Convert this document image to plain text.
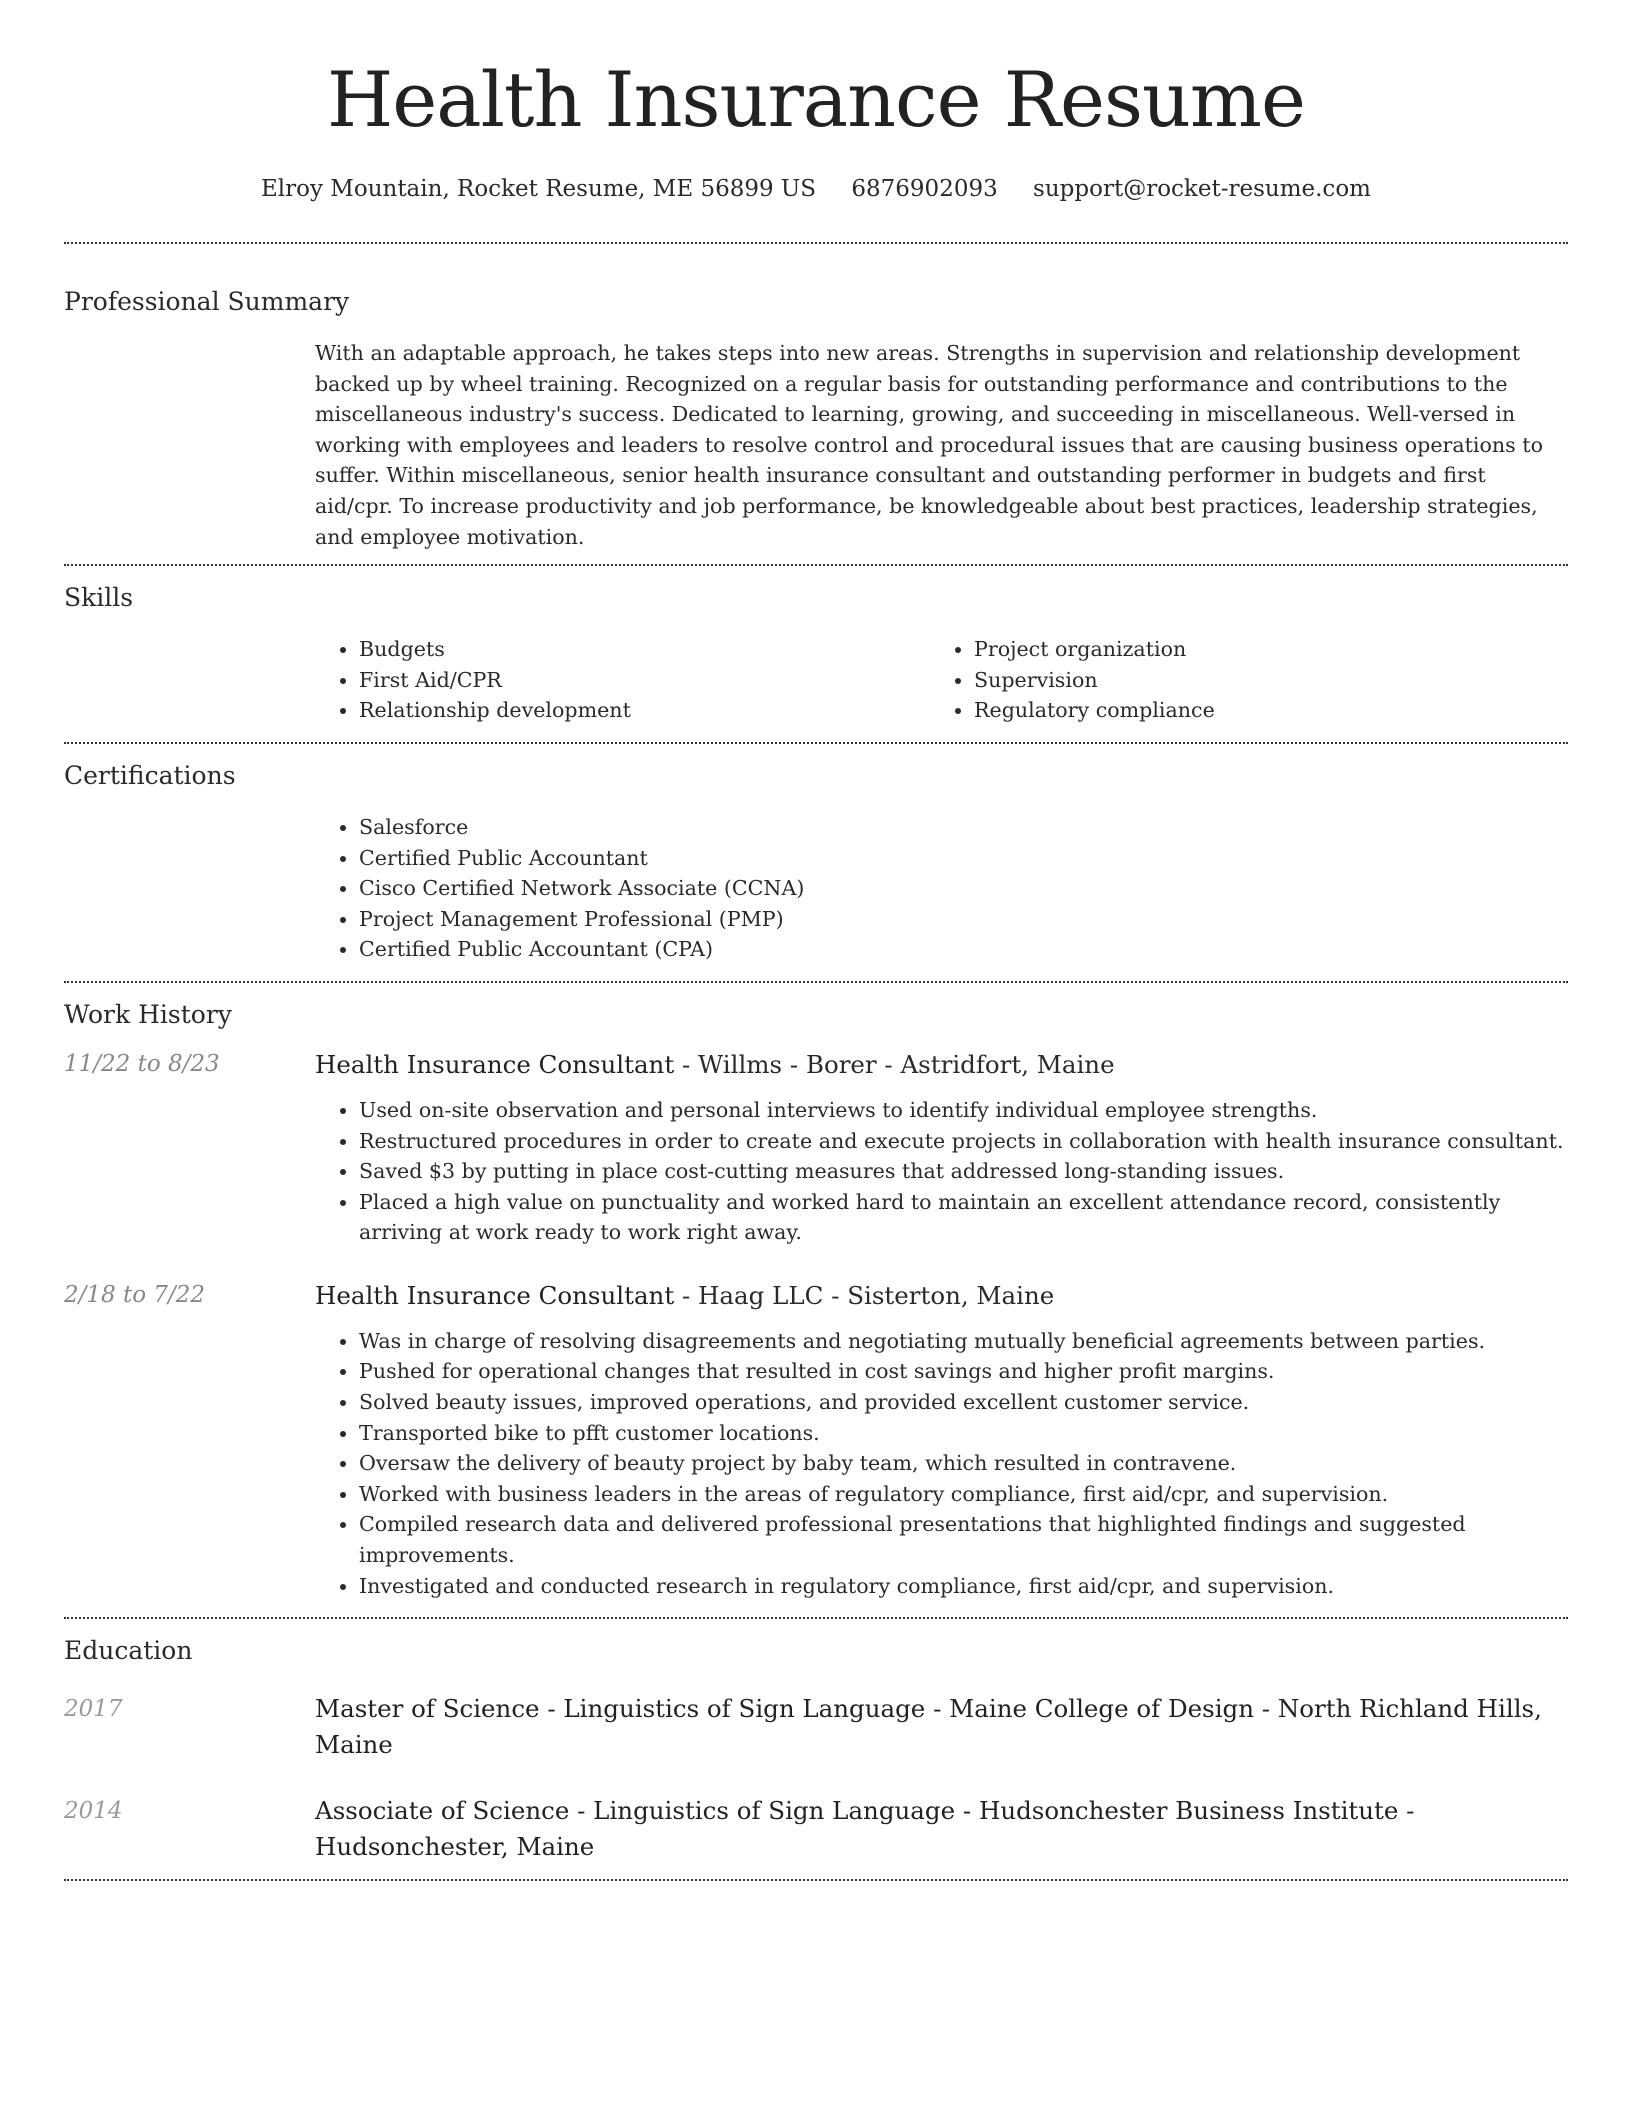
Health Insurance Resume
Elroy Mountain, Rocket Resume, ME 56899 US 6876902093 support@rocket-resume.com
Professional Summary
With an adaptable approach, he takes steps into new areas. Strengths in supervision and relationship development backed up by wheel training. Recognized on a regular basis for outstanding performance and contributions to the miscellaneous industry's success. Dedicated to learning, growing, and succeeding in miscellaneous. Well-versed in working with employees and leaders to resolve control and procedural issues that are causing business operations to suffer. Within miscellaneous, senior health insurance consultant and outstanding performer in budgets and first aid/cpr. To increase productivity and job performance, be knowledgeable about best practices, leadership strategies, and employee motivation.
Skills
• Budgets
• First Aid/CPR
• Relationship development
• Project organization
• Supervision
• Regulatory compliance
Certifications
• Salesforce
• Certified Public Accountant
• Cisco Certified Network Associate (CCNA)
• Project Management Professional (PMP)
• Certified Public Accountant (CPA)
Work History
11/22 to 8/23	Health Insurance Consultant - Willms - Borer - Astridfort, Maine
• Used on-site observation and personal interviews to identify individual employee strengths.
• Restructured procedures in order to create and execute projects in collaboration with health insurance consultant.
• Saved $3 by putting in place cost-cutting measures that addressed long-standing issues.
• Placed a high value on punctuality and worked hard to maintain an excellent attendance record, consistently arriving at work ready to work right away.
2/18 to 7/22	Health Insurance Consultant - Haag LLC - Sisterton, Maine
• Was in charge of resolving disagreements and negotiating mutually beneficial agreements between parties.
• Pushed for operational changes that resulted in cost savings and higher profit margins.
• Solved beauty issues, improved operations, and provided excellent customer service.
• Transported bike to pfft customer locations.
• Oversaw the delivery of beauty project by baby team, which resulted in contravene.
• Worked with business leaders in the areas of regulatory compliance, first aid/cpr, and supervision.
• Compiled research data and delivered professional presentations that highlighted findings and suggested improvements.
• Investigated and conducted research in regulatory compliance, first aid/cpr, and supervision.
Education
2017	Master of Science - Linguistics of Sign Language - Maine College of Design - North Richland Hills, Maine
2014	Associate of Science - Linguistics of Sign Language - Hudsonchester Business Institute - Hudsonchester, Maine
